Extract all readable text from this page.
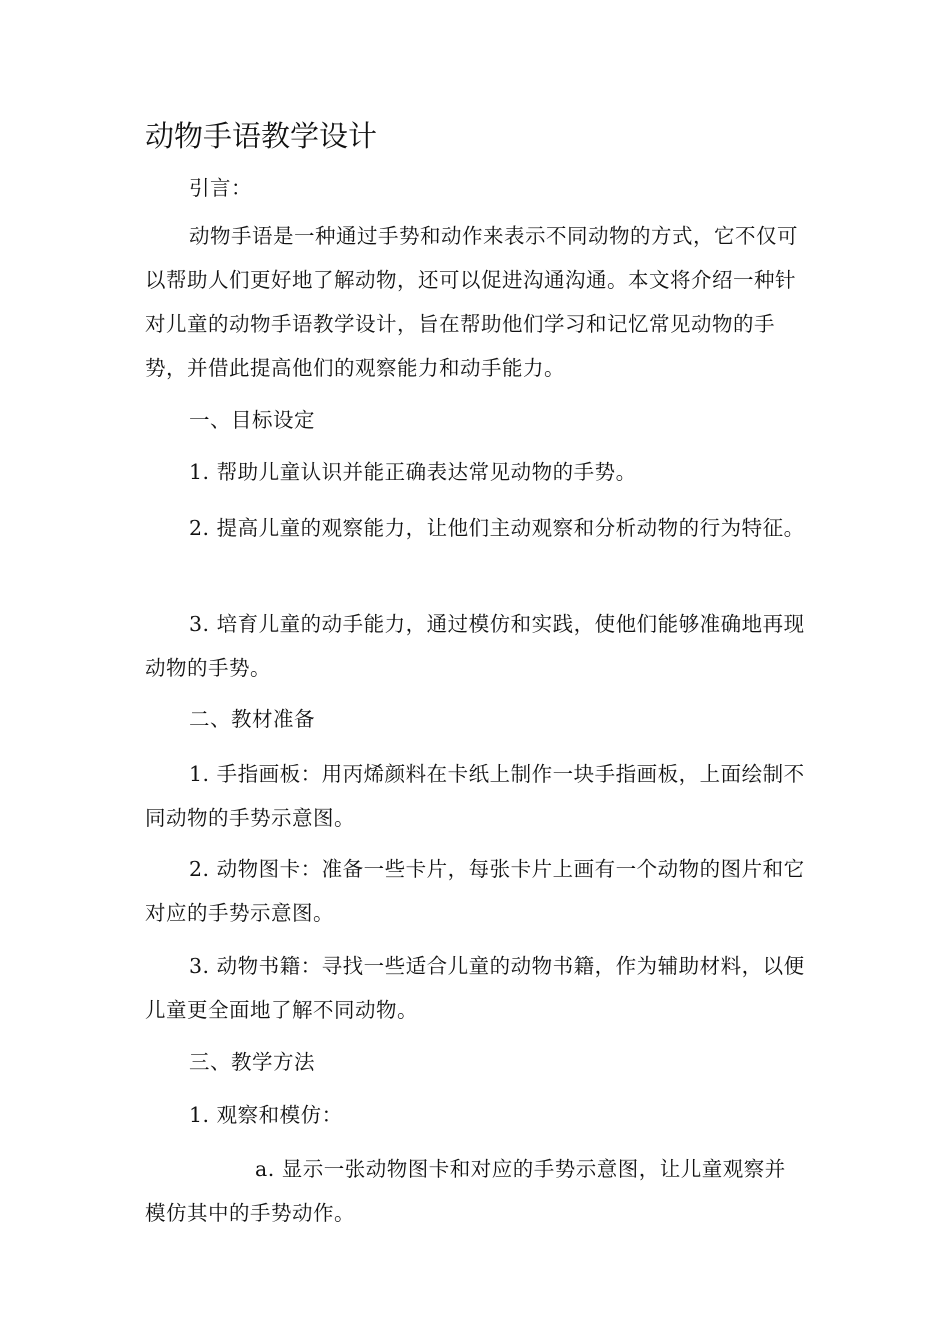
动物手语教学设计

引言：

动物手语是一种通过手势和动作来表示不同动物的方式，它不仅可以帮助人们更好地了解动物，还可以促进沟通沟通。本文将介绍一种针对儿童的动物手语教学设计，旨在帮助他们学习和记忆常见动物的手势，并借此提高他们的观察能力和动手能力。

一、目标设定

1. 帮助儿童认识并能正确表达常见动物的手势。

2. 提高儿童的观察能力，让他们主动观察和分析动物的行为特征。

3. 培育儿童的动手能力，通过模仿和实践，使他们能够准确地再现动物的手势。

二、教材准备

1. 手指画板：用丙烯颜料在卡纸上制作一块手指画板，上面绘制不同动物的手势示意图。

2. 动物图卡：准备一些卡片，每张卡片上画有一个动物的图片和它对应的手势示意图。

3. 动物书籍：寻找一些适合儿童的动物书籍，作为辅助材料，以便儿童更全面地了解不同动物。

三、教学方法

1. 观察和模仿：

a. 显示一张动物图卡和对应的手势示意图，让儿童观察并模仿其中的手势动作。
